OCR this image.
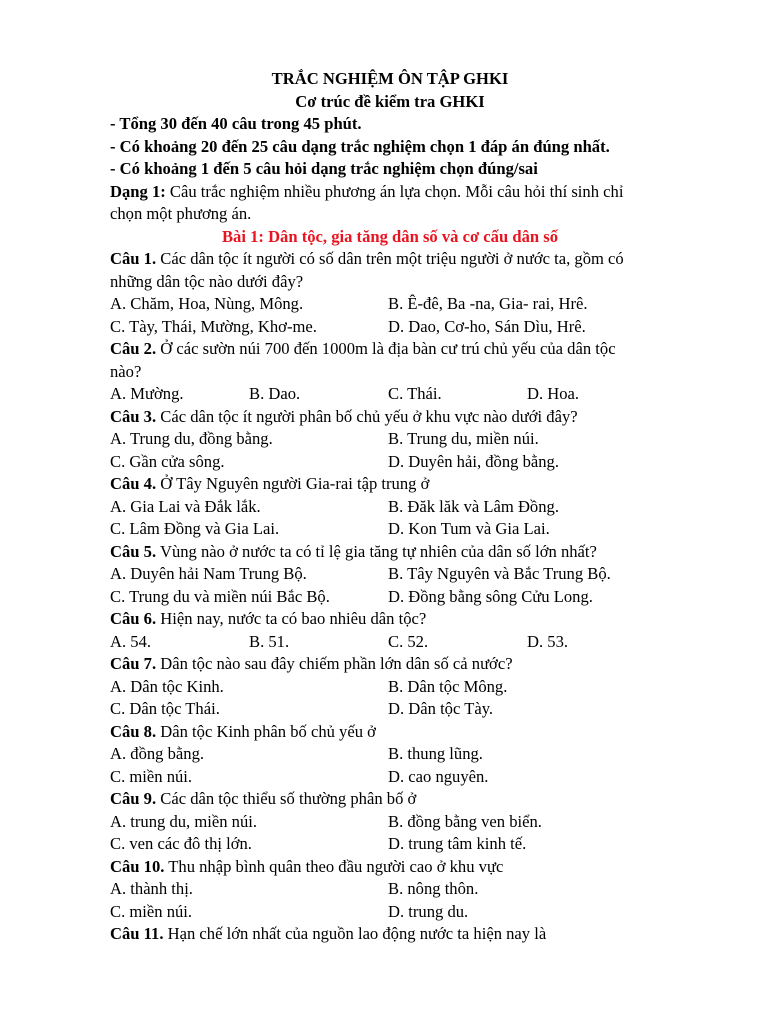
TRẮC NGHIỆM ÔN TẬP GHKI
Cơ trúc đề kiểm tra GHKI
- Tổng 30 đến 40 câu trong 45 phút.
- Có khoảng 20 đến 25 câu dạng trắc nghiệm chọn 1 đáp án đúng nhất.
- Có khoảng 1 đến 5 câu hỏi dạng trắc nghiệm chọn đúng/sai
Dạng 1: Câu trắc nghiệm nhiều phương án lựa chọn. Mỗi câu hỏi thí sinh chỉ
chọn một phương án.
Bài 1: Dân tộc, gia tăng dân số và cơ cấu dân số
Câu 1. Các dân tộc ít người có số dân trên một triệu người ở nước ta, gồm có
những dân tộc nào dưới đây?
A. Chăm, Hoa, Nùng, Mông.	B. Ê-đê, Ba -na, Gia- rai, Hrê.
C. Tày, Thái, Mường, Khơ-me.	D. Dao, Cơ-ho, Sán Dìu, Hrê.
Câu 2. Ở các sườn núi 700 đến 1000m là địa bàn cư trú chủ yếu của dân tộc
nào?
A. Mường.	B. Dao.	C. Thái.	D. Hoa.
Câu 3. Các dân tộc ít người phân bố chủ yếu ở khu vực nào dưới đây?
A. Trung du, đồng bằng.	B. Trung du, miền núi.
C. Gần cửa sông.	D. Duyên hải, đồng bằng.
Câu 4. Ở Tây Nguyên người Gia-rai tập trung ở
A. Gia Lai và Đắk lắk.	B. Đăk lăk và Lâm Đồng.
C. Lâm Đồng và Gia Lai.	D. Kon Tum và Gia Lai.
Câu 5. Vùng nào ở nước ta có tỉ lệ gia tăng tự nhiên của dân số lớn nhất?
A. Duyên hải Nam Trung Bộ.	B. Tây Nguyên và Bắc Trung Bộ.
C. Trung du và miền núi Bắc Bộ.	D. Đồng bằng sông Cửu Long.
Câu 6. Hiện nay, nước ta có bao nhiêu dân tộc?
A. 54.	B. 51.	C. 52.	D. 53.
Câu 7. Dân tộc nào sau đây chiếm phần lớn dân số cả nước?
A. Dân tộc Kinh.	B. Dân tộc Mông.
C. Dân tộc Thái.	D. Dân tộc Tày.
Câu 8. Dân tộc Kinh phân bố chủ yếu ở
A. đồng bằng.	B. thung lũng.
C. miền núi.	D. cao nguyên.
Câu 9. Các dân tộc thiểu số thường phân bố ở
A. trung du, miền núi.	B. đồng bằng ven biển.
C. ven các đô thị lớn.	D. trung tâm kinh tế.
Câu 10. Thu nhập bình quân theo đầu người cao ở khu vực
A. thành thị.	B. nông thôn.
C. miền núi.	D. trung du.
Câu 11. Hạn chế lớn nhất của nguồn lao động nước ta hiện nay là
